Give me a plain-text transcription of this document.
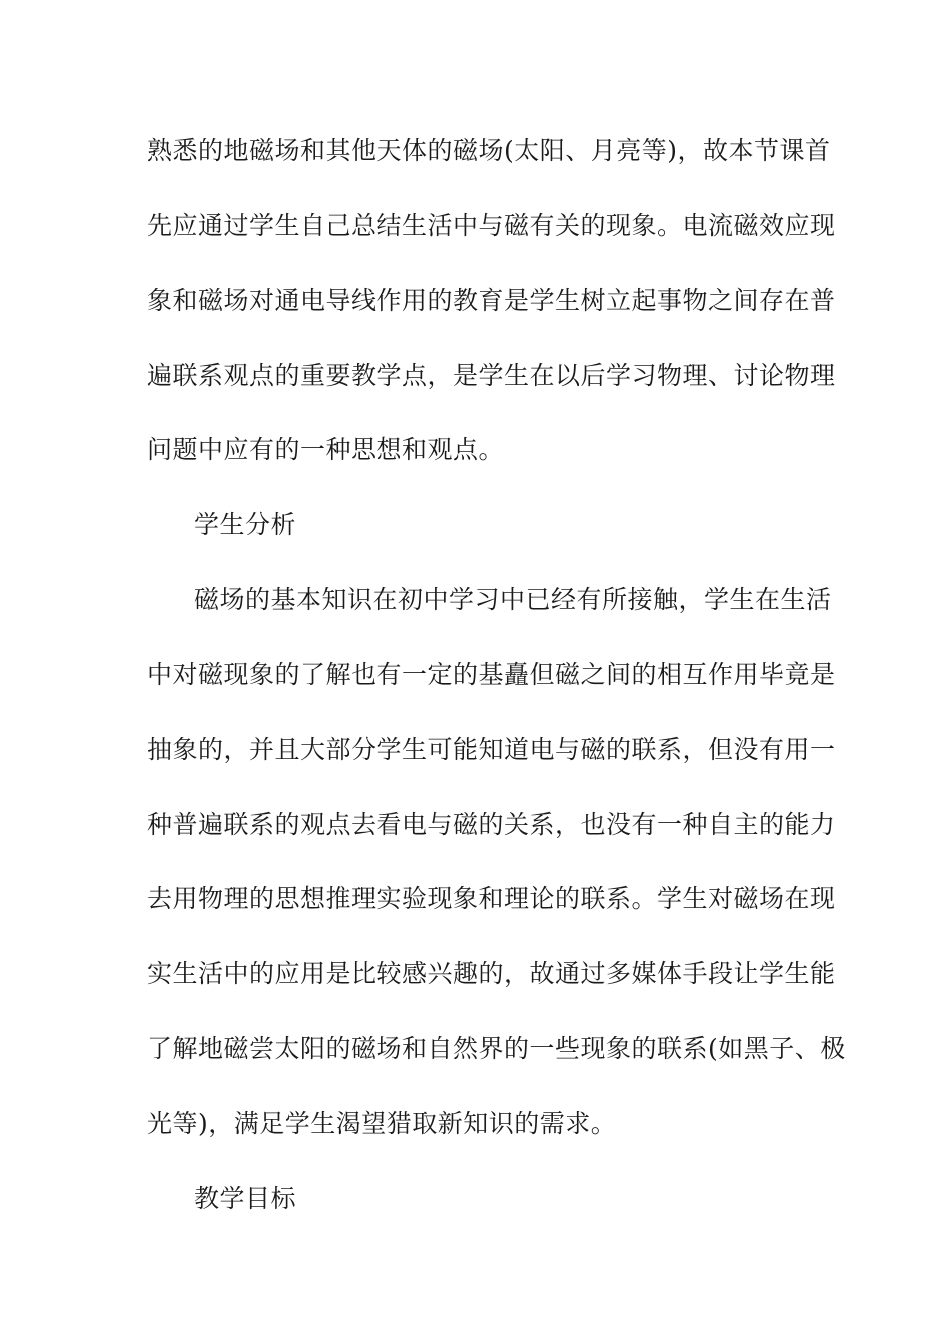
熟悉的地磁场和其他天体的磁场(太阳、月亮等)，故本节课首
先应通过学生自己总结生活中与磁有关的现象。电流磁效应现
象和磁场对通电导线作用的教育是学生树立起事物之间存在普
遍联系观点的重要教学点，是学生在以后学习物理、讨论物理
问题中应有的一种思想和观点。
学生分析
磁场的基本知识在初中学习中已经有所接触，学生在生活
中对磁现象的了解也有一定的基矗但磁之间的相互作用毕竟是
抽象的，并且大部分学生可能知道电与磁的联系，但没有用一
种普遍联系的观点去看电与磁的关系，也没有一种自主的能力
去用物理的思想推理实验现象和理论的联系。学生对磁场在现
实生活中的应用是比较感兴趣的，故通过多媒体手段让学生能
了解地磁尝太阳的磁场和自然界的一些现象的联系(如黑子、极
光等)，满足学生渴望猎取新知识的需求。
教学目标
